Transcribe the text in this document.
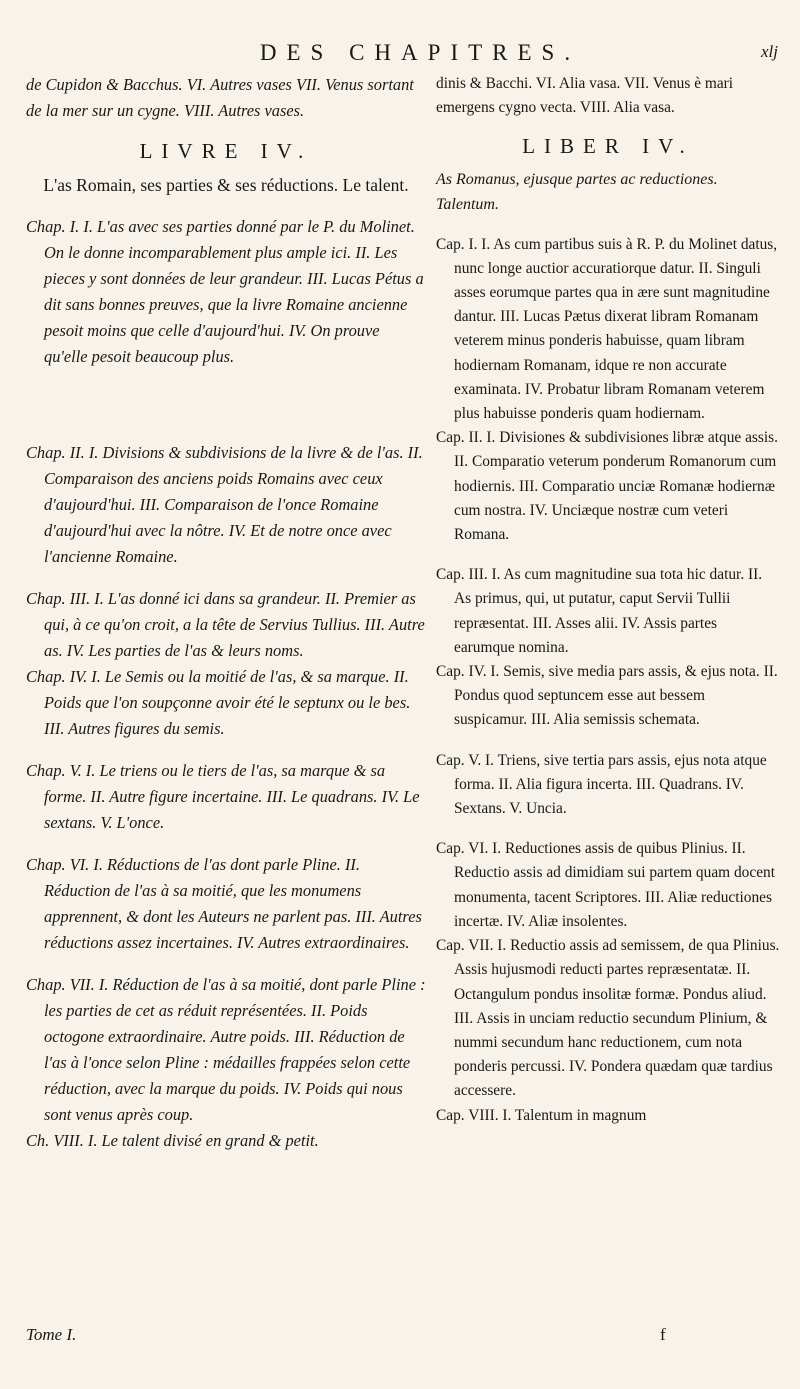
DES CHAPITRES.	xlj

de Cupidon & Bacchus. VI. Autres vases VII. Venus sortant de la mer sur un cygne. VIII. Autres vases.

LIVRE IV.

L'as Romain, ses parties & ses réductions. Le talent.

Chap. I. I. L'as avec ses parties donné par le P. du Molinet. On le donne incomparablement plus ample ici. II. Les pieces y sont données de leur grandeur. III. Lucas Pétus a dit sans bonnes preuves, que la livre Romaine ancienne pesoit moins que celle d'aujourd'hui. IV. On prouve qu'elle pesoit beaucoup plus.

Chap. II. I. Divisions & subdivisions de la livre & de l'as. II. Comparaison des anciens poids Romains avec ceux d'aujourd'hui. III. Comparaison de l'once Romaine d'aujourd'hui avec la nôtre. IV. Et de notre once avec l'ancienne Romaine.

Chap. III. I. L'as donné ici dans sa grandeur. II. Premier as qui, à ce qu'on croit, a la tête de Servius Tullius. III. Autre as. IV. Les parties de l'as & leurs noms.

Chap. IV. I. Le Semis ou la moitié de l'as, & sa marque. II. Poids que l'on soupçonne avoir été le septunx ou le bes. III. Autres figures du semis.

Chap. V. I. Le triens ou le tiers de l'as, sa marque & sa forme. II. Autre figure incertaine. III. Le quadrans. IV. Le sextans. V. L'once.

Chap. VI. I. Réductions de l'as dont parle Pline. II. Réduction de l'as à sa moitié, que les monumens apprennent, & dont les Auteurs ne parlent pas. III. Autres réductions assez incertaines. IV. Autres extraordinaires.

Chap. VII. I. Réduction de l'as à sa moitié, dont parle Pline : les parties de cet as réduit représentées. II. Poids octogone extraordinaire. Autre poids. III. Réduction de l'as à l'once selon Pline : médailles frappées selon cette réduction, avec la marque du poids. IV. Poids qui nous sont venus après coup.

Ch. VIII. I. Le talent divisé en grand & petit.

dinis & Bacchi. VI. Alia vasa. VII. Venus è mari emergens cygno vecta. VIII. Alia vasa.

LIBER IV.

As Romanus, ejusque partes ac reductiones. Talentum.

Cap. I. I. As cum partibus suis à R. P. du Molinet datus, nunc longe auctior accuratiorque datur. II. Singuli asses eorumque partes qua in ære sunt magnitudine dantur. III. Lucas Pætus dixerat libram Romanam veterem minus ponderis habuisse, quam libram hodiernam Romanam, idque re non accurate examinata. IV. Probatur libram Romanam veterem plus habuisse ponderis quam hodiernam.

Cap. II. I. Divisiones & subdivisiones libræ atque assis. II. Comparatio veterum ponderum Romanorum cum hodiernis. III. Comparatio unciæ Romanæ hodiernæ cum nostra. IV. Unciæque nostræ cum veteri Romana.

Cap. III. I. As cum magnitudine sua tota hic datur. II. As primus, qui, ut putatur, caput Servii Tullii repræsentat. III. Asses alii. IV. Assis partes earumque nomina.

Cap. IV. I. Semis, sive media pars assis, & ejus nota. II. Pondus quod septuncem esse aut bessem suspicamur. III. Alia semissis schemata.

Cap. V. I. Triens, sive tertia pars assis, ejus nota atque forma. II. Alia figura incerta. III. Quadrans. IV. Sextans. V. Uncia.

Cap. VI. I. Reductiones assis de quibus Plinius. II. Reductio assis ad dimidiam sui partem quam docent monumenta, tacent Scriptores. III. Aliæ reductiones incertæ. IV. Aliæ insolentes.

Cap. VII. I. Reductio assis ad semissem, de qua Plinius. Assis hujusmodi reducti partes repræsentatæ. II. Octangulum pondus insolitæ formæ. Pondus aliud. III. Assis in unciam reductio secundum Plinium, & nummi secundum hanc reductionem, cum nota ponderis percussi. IV. Pondera quædam quæ tardius accessere.

Cap. VIII. I. Talentum in magnum

Tome I.	f
